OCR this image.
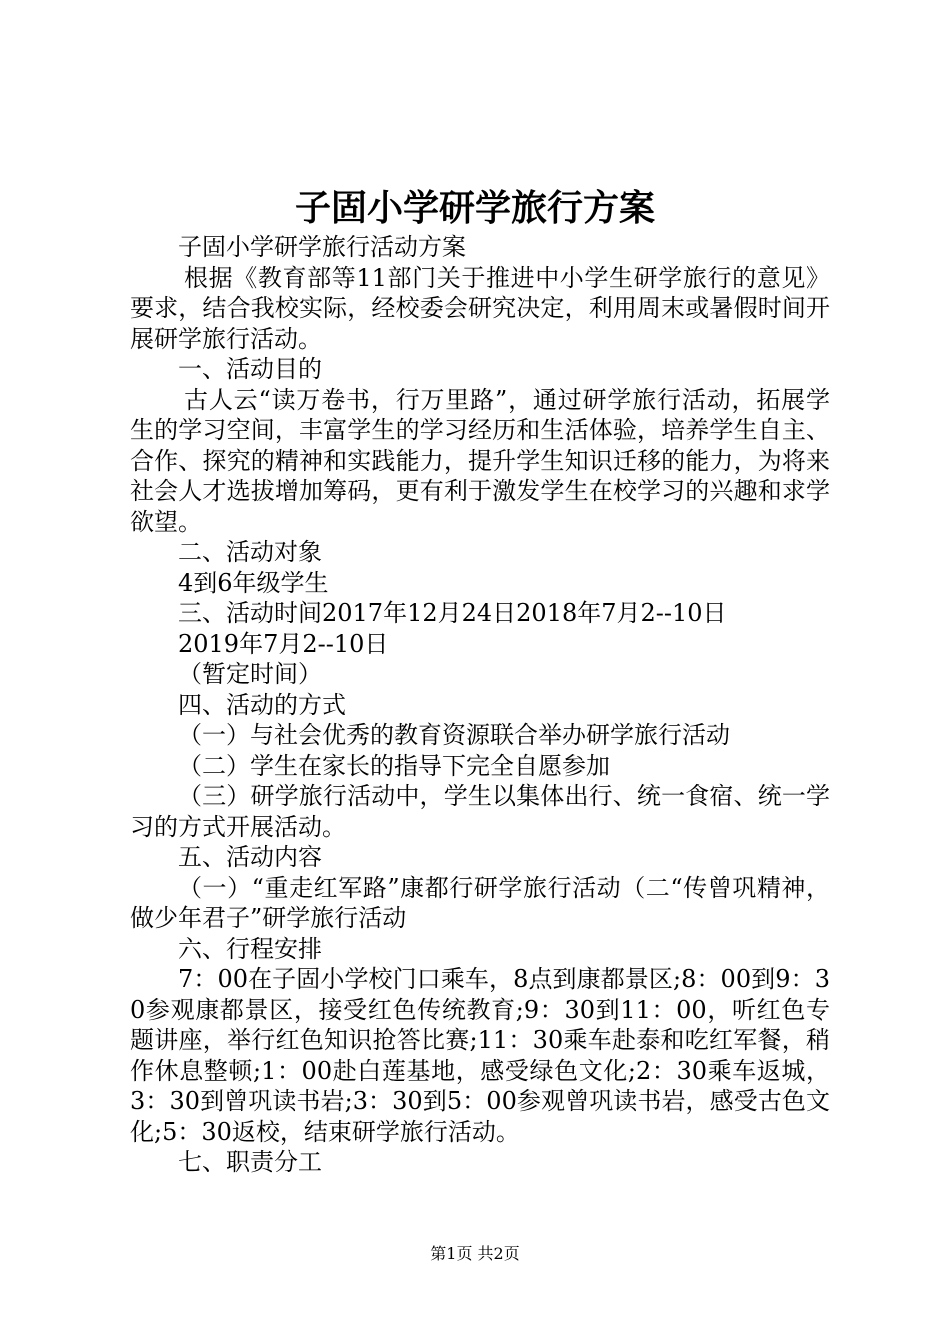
子固小学研学旅行方案

子固小学研学旅行活动方案

根据《教育部等11部门关于推进中小学生研学旅行的意见》要求，结合我校实际，经校委会研究决定，利用周末或暑假时间开展研学旅行活动。

一、活动目的

古人云“读万卷书，行万里路”，通过研学旅行活动，拓展学生的学习空间，丰富学生的学习经历和生活体验，培养学生自主、合作、探究的精神和实践能力，提升学生知识迁移的能力，为将来社会人才选拔增加筹码，更有利于激发学生在校学习的兴趣和求学欲望。

二、活动对象

4到6年级学生

三、活动时间2017年12月24日2018年7月2--10日

2019年7月2--10日

（暂定时间）

四、活动的方式

（一）与社会优秀的教育资源联合举办研学旅行活动

（二）学生在家长的指导下完全自愿参加

（三）研学旅行活动中，学生以集体出行、统一食宿、统一学习的方式开展活动。

五、活动内容

（一）“重走红军路”康都行研学旅行活动（二“传曾巩精神，做少年君子”研学旅行活动

六、行程安排

7：00在子固小学校门口乘车，8点到康都景区;8：00到9：30参观康都景区，接受红色传统教育;9：30到11：00，听红色专题讲座，举行红色知识抢答比赛;11：30乘车赴泰和吃红军餐，稍作休息整顿;1：00赴白莲基地，感受绿色文化;2：30乘车返城，3：30到曾巩读书岩;3：30到5：00参观曾巩读书岩，感受古色文化;5：30返校，结束研学旅行活动。

七、职责分工

第1页 共2页
